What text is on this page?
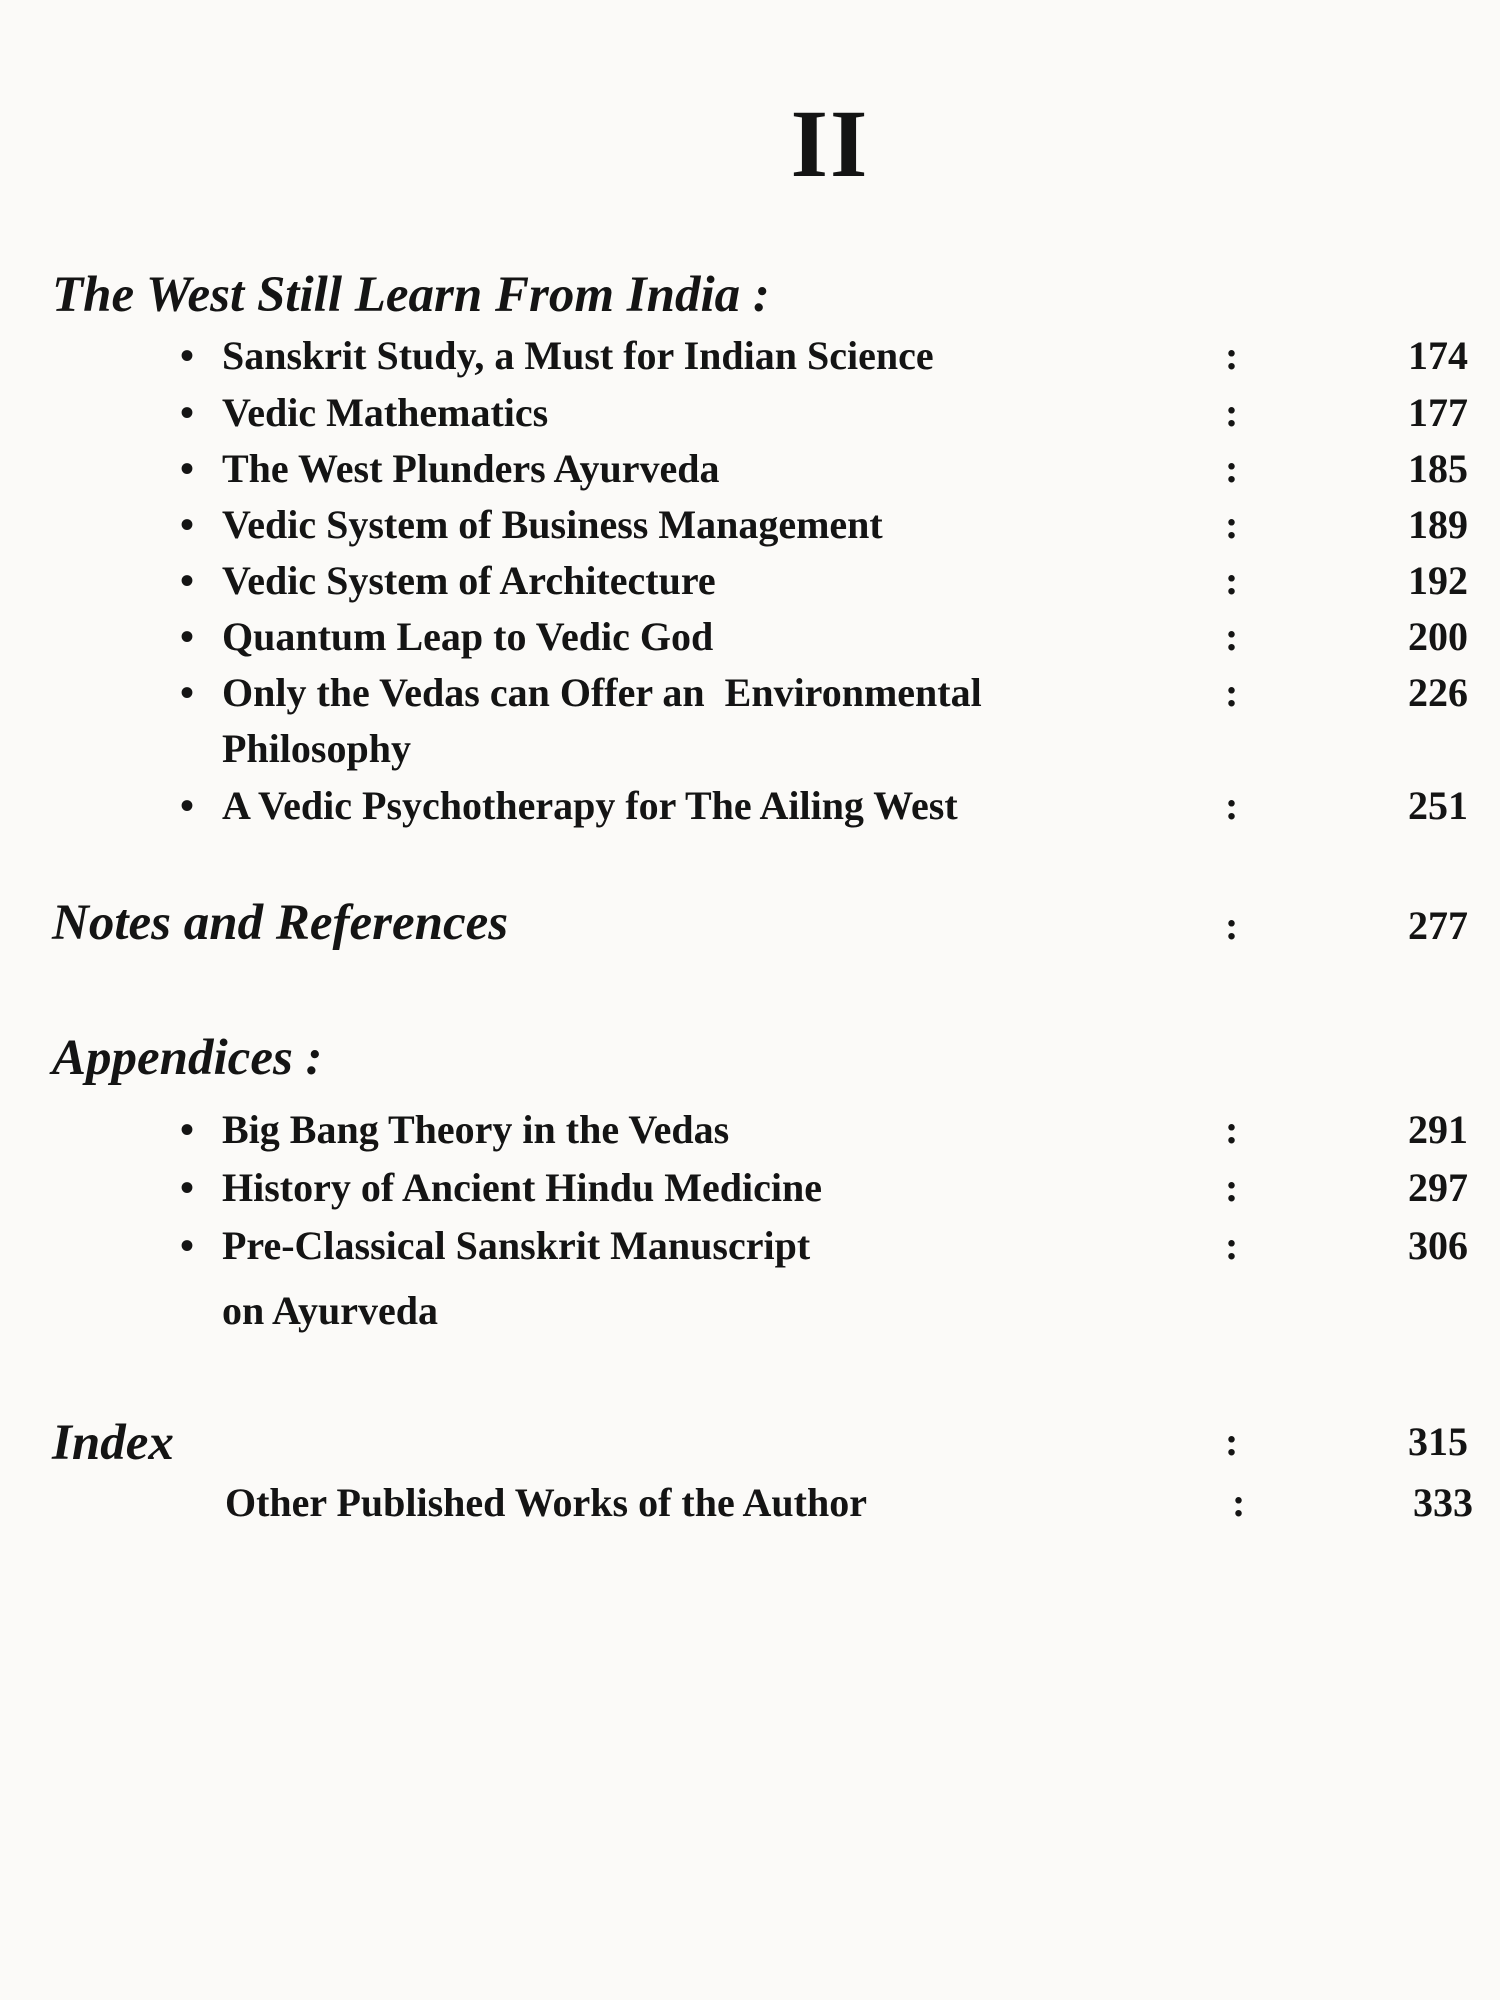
II
The West Still Learn From India :
• Sanskrit Study, a Must for Indian Science	:	174
• Vedic Mathematics	:	177
• The West Plunders Ayurveda	:	185
• Vedic System of Business Management	:	189
• Vedic System of Architecture	:	192
• Quantum Leap to Vedic God	:	200
• Only the Vedas can Offer an  Environmental	:	226
Philosophy
• A Vedic Psychotherapy for The Ailing West	:	251
Notes and References	:	277
Appendices :
• Big Bang Theory in the Vedas	:	291
• History of Ancient Hindu Medicine	:	297
• Pre-Classical Sanskrit Manuscript	:	306
on Ayurveda
Index	:	315
Other Published Works of the Author	:	333
